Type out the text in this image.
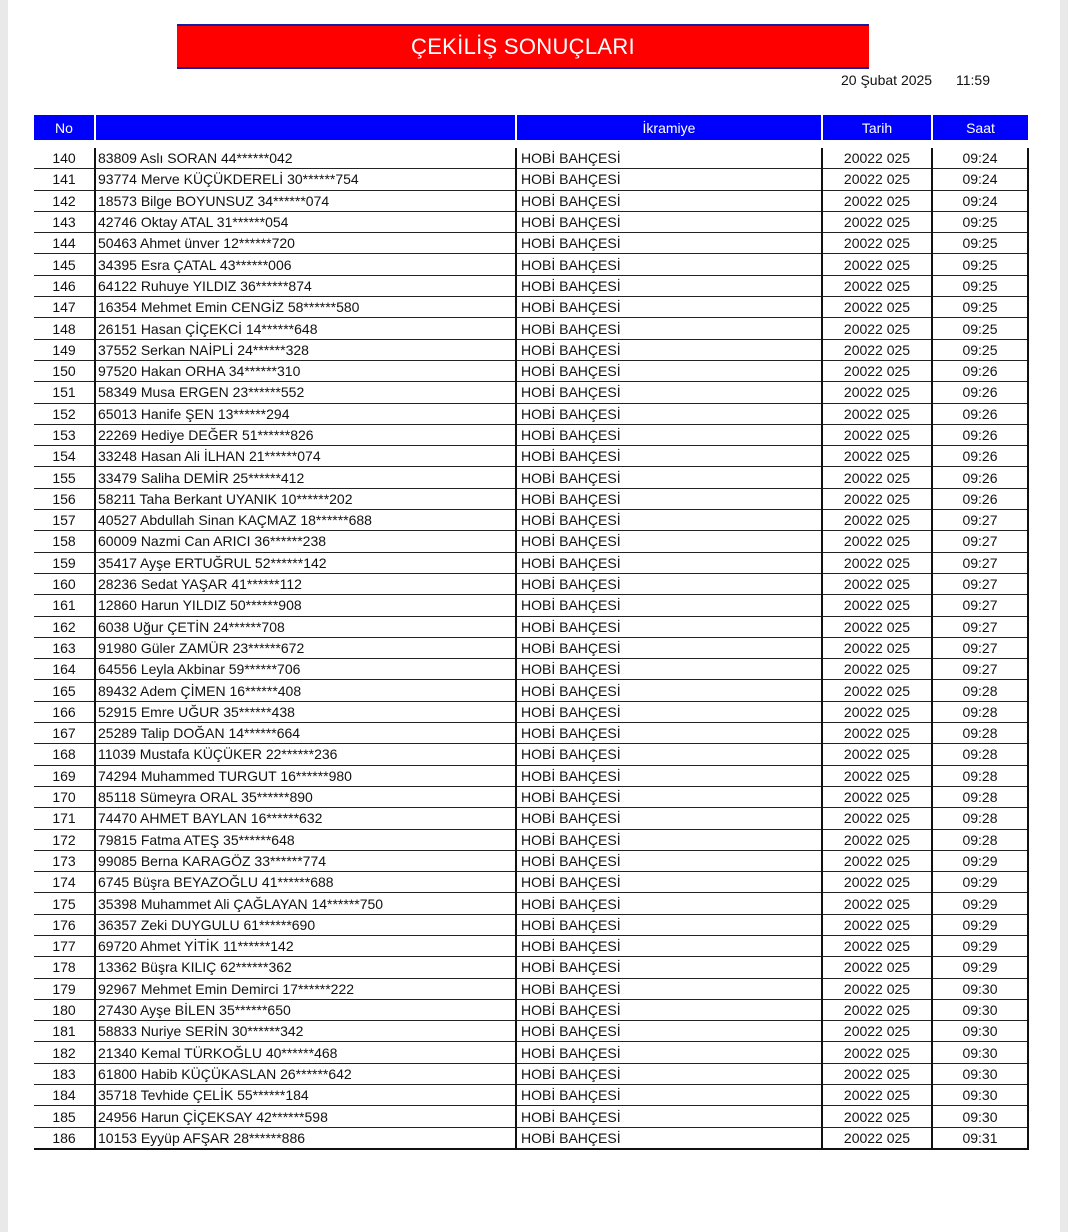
ÇEKİLİŞ SONUÇLARI
20 Şubat 2025 11:59
No		İkramiye	Tarih	Saat

140	83809 Aslı SORAN 44******042	HOBİ BAHÇESİ	20022 025	09:24
141	93774 Merve KÜÇÜKDERELİ 30******754	HOBİ BAHÇESİ	20022 025	09:24
142	18573 Bilge BOYUNSUZ 34******074	HOBİ BAHÇESİ	20022 025	09:24
143	42746 Oktay ATAL 31******054	HOBİ BAHÇESİ	20022 025	09:25
144	50463 Ahmet ünver 12******720	HOBİ BAHÇESİ	20022 025	09:25
145	34395 Esra ÇATAL 43******006	HOBİ BAHÇESİ	20022 025	09:25
146	64122 Ruhuye YILDIZ 36******874	HOBİ BAHÇESİ	20022 025	09:25
147	16354 Mehmet Emin CENGİZ 58******580	HOBİ BAHÇESİ	20022 025	09:25
148	26151 Hasan ÇİÇEKCİ 14******648	HOBİ BAHÇESİ	20022 025	09:25
149	37552 Serkan NAİPLİ 24******328	HOBİ BAHÇESİ	20022 025	09:25
150	97520 Hakan ORHA 34******310	HOBİ BAHÇESİ	20022 025	09:26
151	58349 Musa ERGEN 23******552	HOBİ BAHÇESİ	20022 025	09:26
152	65013 Hanife ŞEN 13******294	HOBİ BAHÇESİ	20022 025	09:26
153	22269 Hediye DEĞER 51******826	HOBİ BAHÇESİ	20022 025	09:26
154	33248 Hasan Ali İLHAN 21******074	HOBİ BAHÇESİ	20022 025	09:26
155	33479 Saliha DEMİR 25******412	HOBİ BAHÇESİ	20022 025	09:26
156	58211 Taha Berkant UYANIK 10******202	HOBİ BAHÇESİ	20022 025	09:26
157	40527 Abdullah Sinan KAÇMAZ 18******688	HOBİ BAHÇESİ	20022 025	09:27
158	60009 Nazmi Can ARICI 36******238	HOBİ BAHÇESİ	20022 025	09:27
159	35417 Ayşe ERTUĞRUL 52******142	HOBİ BAHÇESİ	20022 025	09:27
160	28236 Sedat YAŞAR 41******112	HOBİ BAHÇESİ	20022 025	09:27
161	12860 Harun YILDIZ 50******908	HOBİ BAHÇESİ	20022 025	09:27
162	6038 Uğur ÇETİN 24******708	HOBİ BAHÇESİ	20022 025	09:27
163	91980 Güler ZAMÜR 23******672	HOBİ BAHÇESİ	20022 025	09:27
164	64556 Leyla Akbinar 59******706	HOBİ BAHÇESİ	20022 025	09:27
165	89432 Adem ÇİMEN 16******408	HOBİ BAHÇESİ	20022 025	09:28
166	52915 Emre UĞUR 35******438	HOBİ BAHÇESİ	20022 025	09:28
167	25289 Talip DOĞAN 14******664	HOBİ BAHÇESİ	20022 025	09:28
168	11039 Mustafa KÜÇÜKER 22******236	HOBİ BAHÇESİ	20022 025	09:28
169	74294 Muhammed TURGUT 16******980	HOBİ BAHÇESİ	20022 025	09:28
170	85118 Sümeyra ORAL 35******890	HOBİ BAHÇESİ	20022 025	09:28
171	74470 AHMET BAYLAN 16******632	HOBİ BAHÇESİ	20022 025	09:28
172	79815 Fatma ATEŞ 35******648	HOBİ BAHÇESİ	20022 025	09:28
173	99085 Berna KARAGÖZ 33******774	HOBİ BAHÇESİ	20022 025	09:29
174	6745 Büşra BEYAZOĞLU 41******688	HOBİ BAHÇESİ	20022 025	09:29
175	35398 Muhammet Ali ÇAĞLAYAN 14******750	HOBİ BAHÇESİ	20022 025	09:29
176	36357 Zeki DUYGULU 61******690	HOBİ BAHÇESİ	20022 025	09:29
177	69720 Ahmet YİTİK 11******142	HOBİ BAHÇESİ	20022 025	09:29
178	13362 Büşra KILIÇ 62******362	HOBİ BAHÇESİ	20022 025	09:29
179	92967 Mehmet Emin Demirci 17******222	HOBİ BAHÇESİ	20022 025	09:30
180	27430 Ayşe BİLEN 35******650	HOBİ BAHÇESİ	20022 025	09:30
181	58833 Nuriye SERİN 30******342	HOBİ BAHÇESİ	20022 025	09:30
182	21340 Kemal TÜRKOĞLU 40******468	HOBİ BAHÇESİ	20022 025	09:30
183	61800 Habib KÜÇÜKASLAN 26******642	HOBİ BAHÇESİ	20022 025	09:30
184	35718 Tevhide ÇELİK 55******184	HOBİ BAHÇESİ	20022 025	09:30
185	24956 Harun ÇİÇEKSAY 42******598	HOBİ BAHÇESİ	20022 025	09:30
186	10153 Eyyüp AFŞAR 28******886	HOBİ BAHÇESİ	20022 025	09:31
